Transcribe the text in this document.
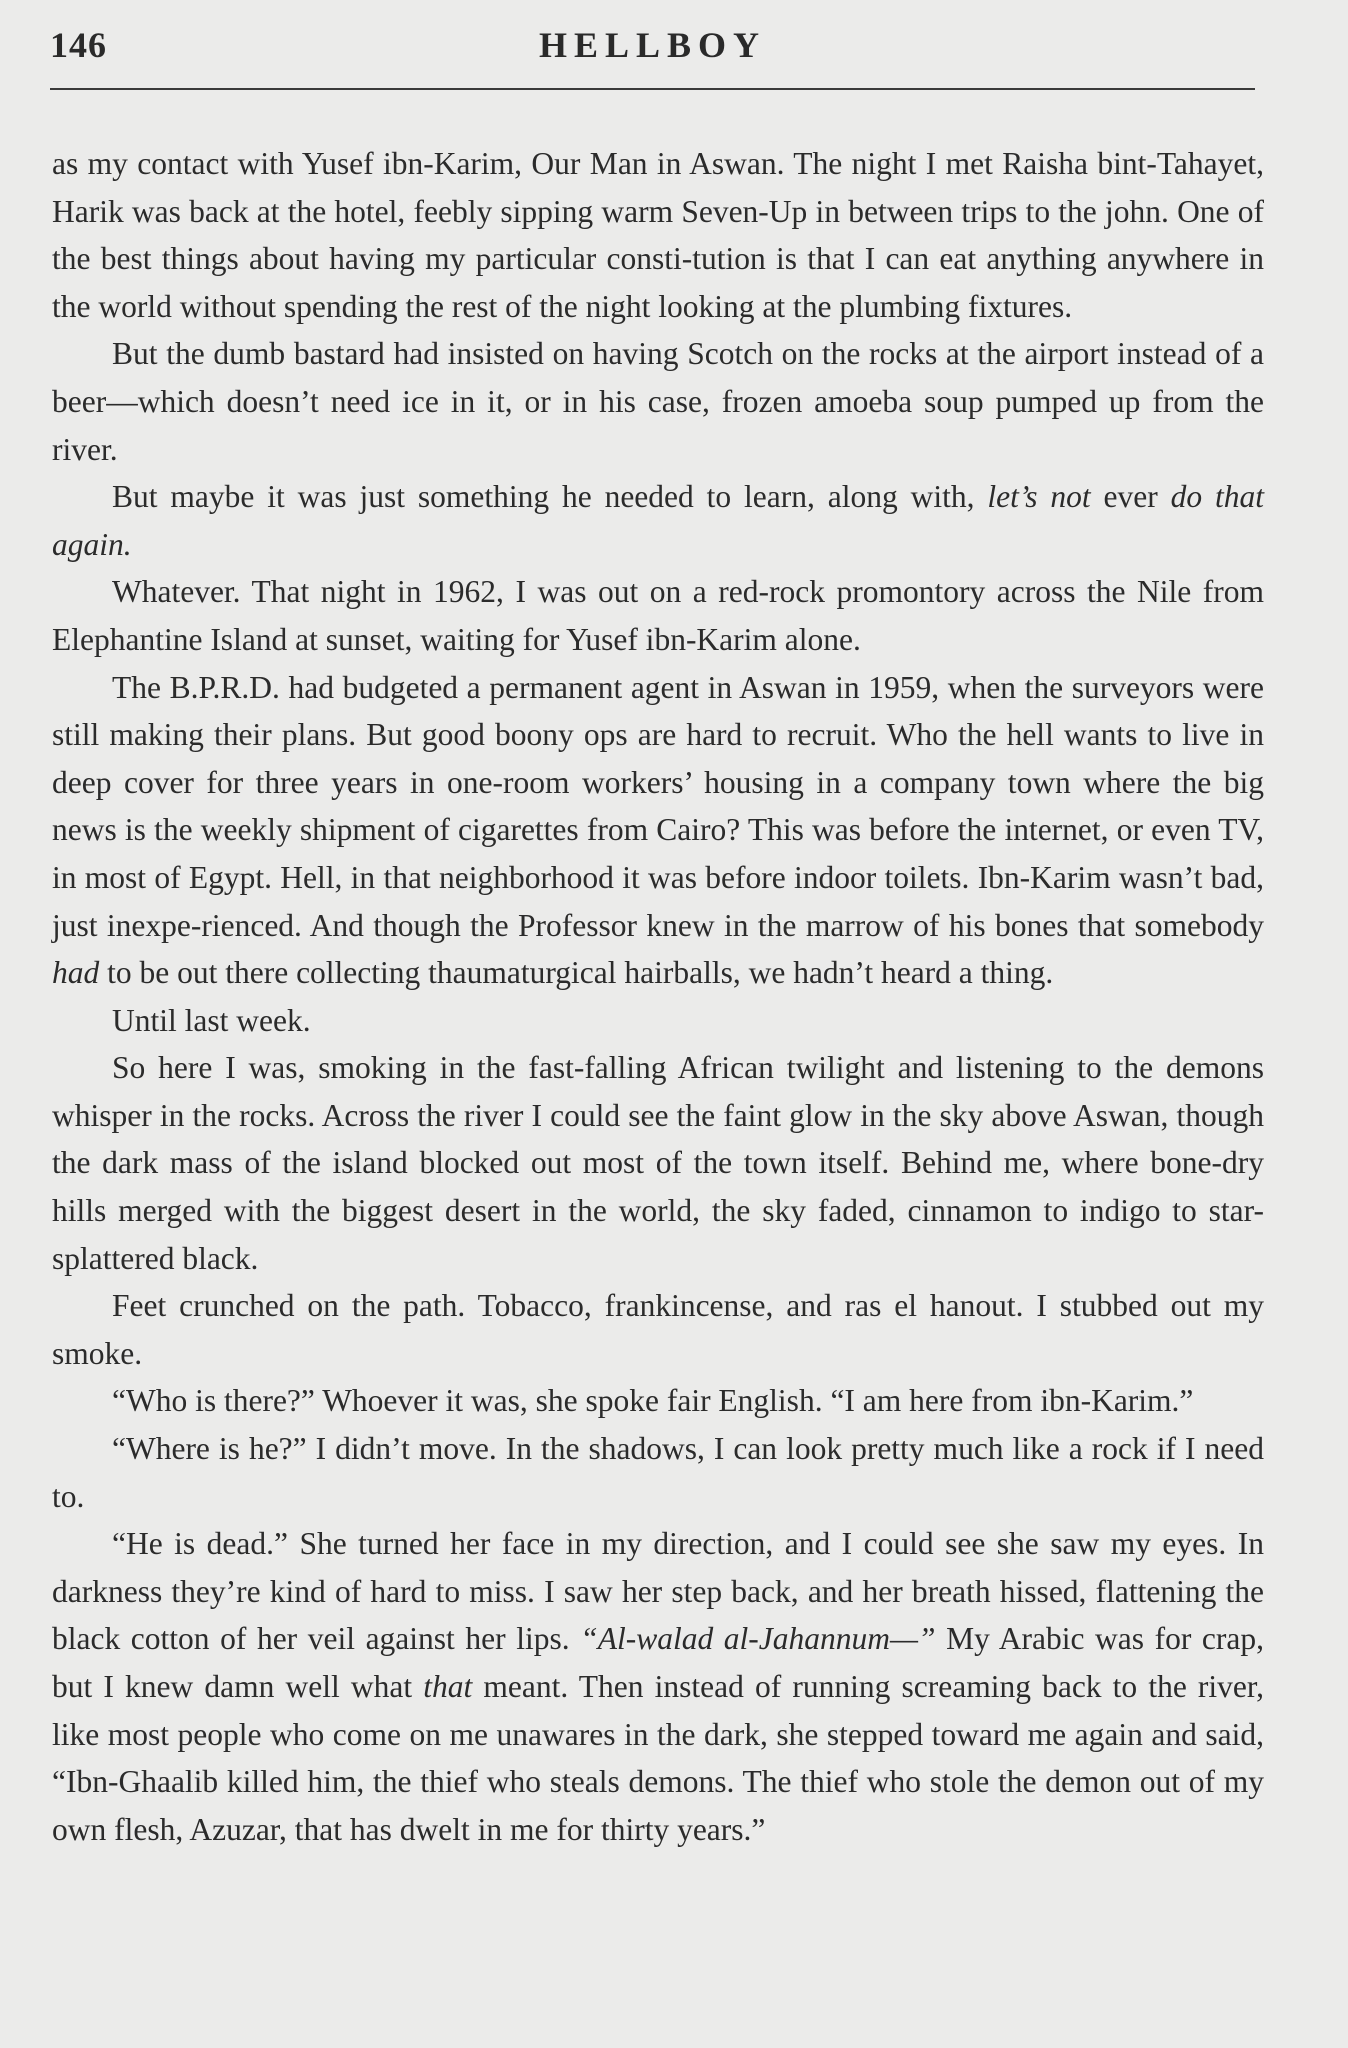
146	HELLBOY

as my contact with Yusef ibn-Karim, Our Man in Aswan. The night I met Raisha bint-Tahayet, Harik was back at the hotel, feebly sipping warm Seven-Up in between trips to the john. One of the best things about having my particular consti-tution is that I can eat anything anywhere in the world without spending the rest of the night looking at the plumbing fixtures.

But the dumb bastard had insisted on having Scotch on the rocks at the airport instead of a beer—which doesn’t need ice in it, or in his case, frozen amoeba soup pumped up from the river.

But maybe it was just something he needed to learn, along with, let’s not ever do that again.

Whatever. That night in 1962, I was out on a red-rock promontory across the Nile from Elephantine Island at sunset, waiting for Yusef ibn-Karim alone.

The B.P.R.D. had budgeted a permanent agent in Aswan in 1959, when the surveyors were still making their plans. But good boony ops are hard to recruit. Who the hell wants to live in deep cover for three years in one-room workers’ housing in a company town where the big news is the weekly shipment of cigarettes from Cairo? This was before the internet, or even TV, in most of Egypt. Hell, in that neighborhood it was before indoor toilets. Ibn-Karim wasn’t bad, just inexpe-rienced. And though the Professor knew in the marrow of his bones that somebody had to be out there collecting thaumaturgical hairballs, we hadn’t heard a thing.

Until last week.

So here I was, smoking in the fast-falling African twilight and listening to the demons whisper in the rocks. Across the river I could see the faint glow in the sky above Aswan, though the dark mass of the island blocked out most of the town itself. Behind me, where bone-dry hills merged with the biggest desert in the world, the sky faded, cinnamon to indigo to star-splattered black.

Feet crunched on the path. Tobacco, frankincense, and ras el hanout. I stubbed out my smoke.

“Who is there?” Whoever it was, she spoke fair English. “I am here from ibn-Karim.”

“Where is he?” I didn’t move. In the shadows, I can look pretty much like a rock if I need to.

“He is dead.” She turned her face in my direction, and I could see she saw my eyes. In darkness they’re kind of hard to miss. I saw her step back, and her breath hissed, flattening the black cotton of her veil against her lips. “Al-walad al-Jahannum—” My Arabic was for crap, but I knew damn well what that meant. Then instead of running screaming back to the river, like most people who come on me unawares in the dark, she stepped toward me again and said, “Ibn-Ghaalib killed him, the thief who steals demons. The thief who stole the demon out of my own flesh, Azuzar, that has dwelt in me for thirty years.”
